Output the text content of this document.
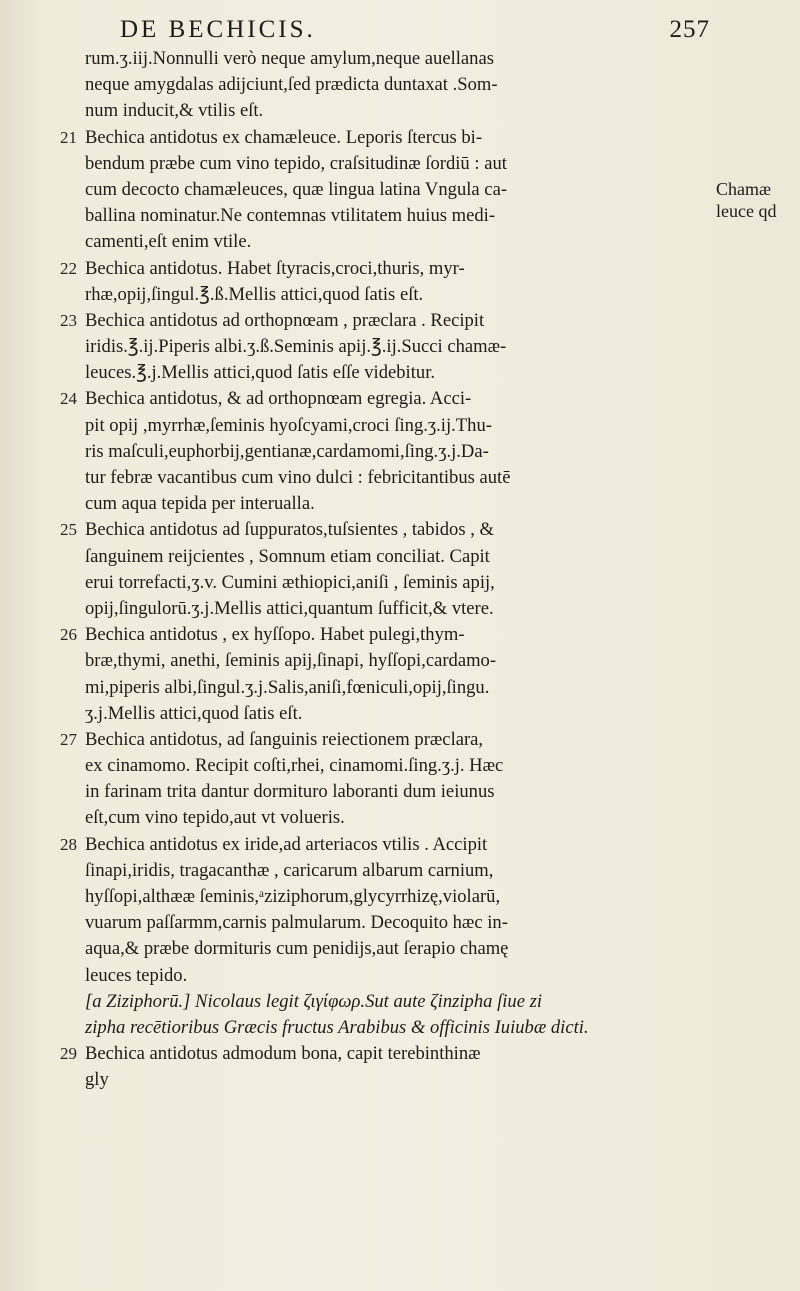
DE BECHICIS.	257
rum.ʒ.iij.Nonnulli verò neque amylum,neque auellanas
neque amygdalas adijciunt,ſed prædicta duntaxat .Som-
num inducit,& vtilis eſt.
21 Bechica antidotus ex chamæleuce. Leporis ſtercus bi-
bendum præbe cum vino tepido, craſsitudinæ ſordiū : aut
cum decocto chamæleuces, quæ lingua latina Vngula ca-
ballina nominatur.Ne contemnas vtilitatem huius medi-
camenti,eſt enim vtile.
22 Bechica antidotus. Habet ſtyracis,croci,thuris, myr-
rhæ,opij,ſingul.℥.ß.Mellis attici,quod ſatis eſt.
23 Bechica antidotus ad orthopnœam , præclara . Recipit
iridis.℥.ij.Piperis albi.ʒ.ß.Seminis apij.℥.ij.Succi chamæ-
leuces.℥.j.Mellis attici,quod ſatis eſſe videbitur.
24 Bechica antidotus, & ad orthopnœam egregia. Acci-
pit opij ,myrrhæ,ſeminis hyoſcyami,croci ſing.ʒ.ij.Thu-
ris maſculi,euphorbij,gentianæ,cardamomi,ſing.ʒ.j.Da-
tur febræ vacantibus cum vino dulci : febricitantibus autē
cum aqua tepida per interualla.
25 Bechica antidotus ad ſuppuratos,tuſsientes , tabidos , &
ſanguinem reijcientes , Somnum etiam conciliat. Capit
erui torrefacti,ʒ.v. Cumini æthiopici,aniſi , ſeminis apij,
opij,ſingulorū.ʒ.j.Mellis attici,quantum ſufficit,& vtere.
26 Bechica antidotus , ex hyſſopo. Habet pulegi,thym-
bræ,thymi, anethi, ſeminis apij,ſinapi, hyſſopi,cardamo-
mi,piperis albi,ſingul.ʒ.j.Salis,aniſi,fœniculi,opij,ſingu.
ʒ.j.Mellis attici,quod ſatis eſt.
27 Bechica antidotus, ad ſanguinis reiectionem præclara,
ex cinamomo. Recipit coſti,rhei, cinamomi.ſing.ʒ.j. Hæc
in farinam trita dantur dormituro laboranti dum ieiunus
eſt,cum vino tepido,aut vt volueris.
28 Bechica antidotus ex iride,ad arteriacos vtilis . Accipit
ſinapi,iridis, tragacanthæ , caricarum albarum carnium,
hyſſopi,althææ ſeminis,ᵃziziphorum,glycyrrhizę,violarū,
vuarum paſſarmm,carnis palmularum. Decoquito hæc in-
aqua,& præbe dormituris cum penidijs,aut ſerapio chamę
leuces tepido.
[a Ziziphorū.] Nicolaus legit ζιγίφωρ.Sut aute ζinzipha ſiue zi
zipha recētioribus Græcis fructus Arabibus & officinis Iuiubæ dicti.
29 Bechica antidotus admodum bona, capit terebinthinæ
gly
Chamæ
leuce qd
